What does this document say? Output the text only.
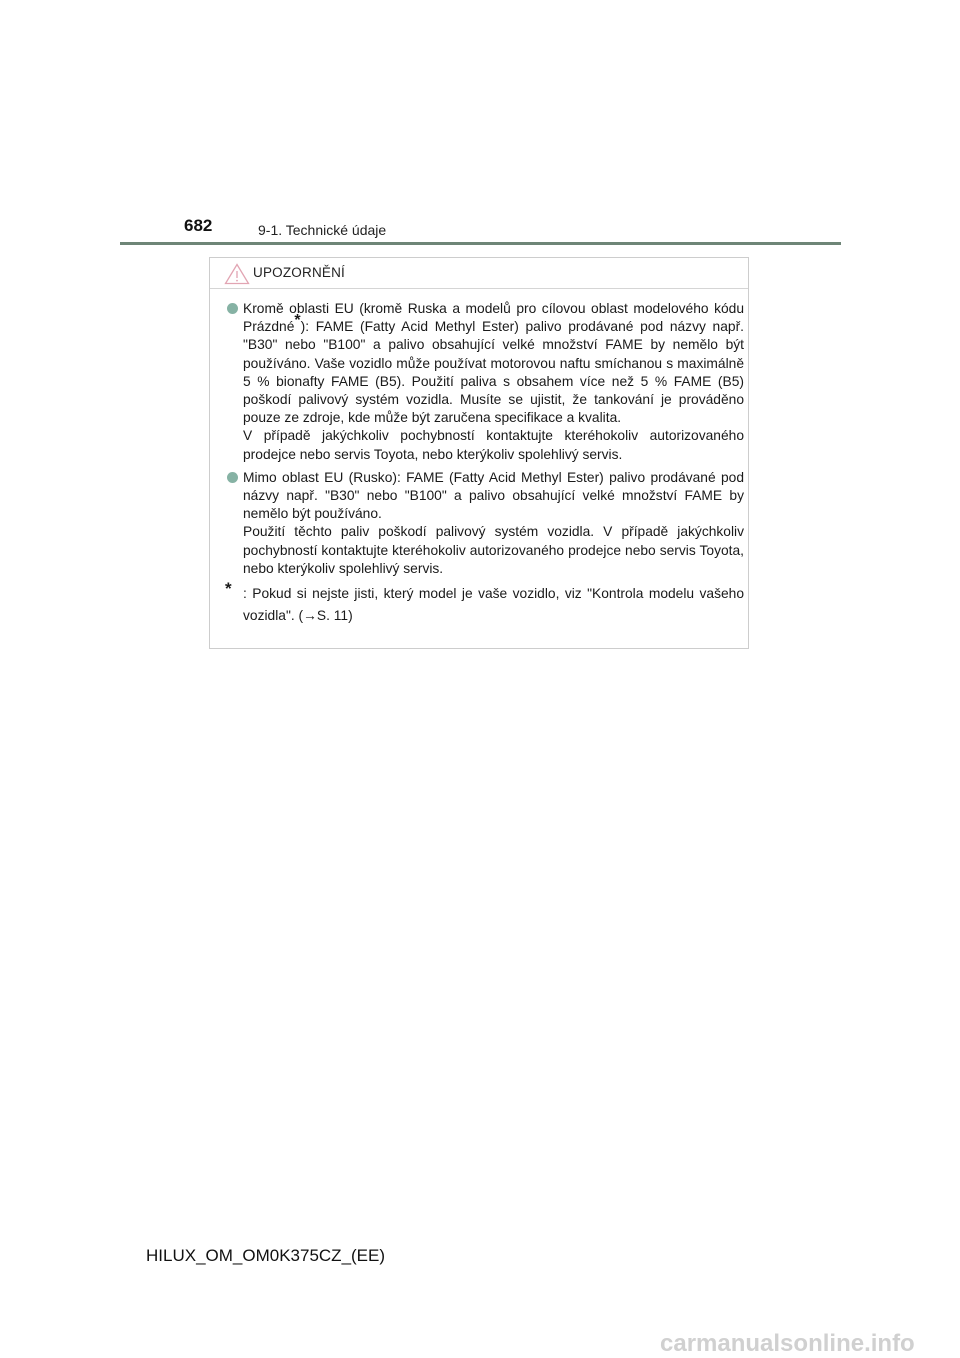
682	9-1. Technické údaje
UPOZORNĚNÍ
Kromě oblasti EU (kromě Ruska a modelů pro cílovou oblast modelového kódu Prázdné*): FAME (Fatty Acid Methyl Ester) palivo prodávané pod názvy např. "B30" nebo "B100" a palivo obsahující velké množství FAME by nemělo být používáno. Vaše vozidlo může používat motorovou naftu smíchanou s maximálně 5 % bionafty FAME (B5). Použití paliva s obsahem více než 5 % FAME (B5) poškodí palivový systém vozidla. Musíte se ujistit, že tankování je prováděno pouze ze zdroje, kde může být zaručena specifikace a kvalita.
V případě jakýchkoliv pochybností kontaktujte kteréhokoliv autorizovaného prodejce nebo servis Toyota, nebo kterýkoliv spolehlivý servis.
Mimo oblast EU (Rusko): FAME (Fatty Acid Methyl Ester) palivo prodávané pod názvy např. "B30" nebo "B100" a palivo obsahující velké množství FAME by nemělo být používáno.
Použití těchto paliv poškodí palivový systém vozidla. V případě jakýchkoliv pochybností kontaktujte kteréhokoliv autorizovaného prodejce nebo servis Toyota, nebo kterýkoliv spolehlivý servis.
* : Pokud si nejste jisti, který model je vaše vozidlo, viz "Kontrola modelu vašeho vozidla". (→S. 11)
HILUX_OM_OM0K375CZ_(EE)
carmanualsonline.info
